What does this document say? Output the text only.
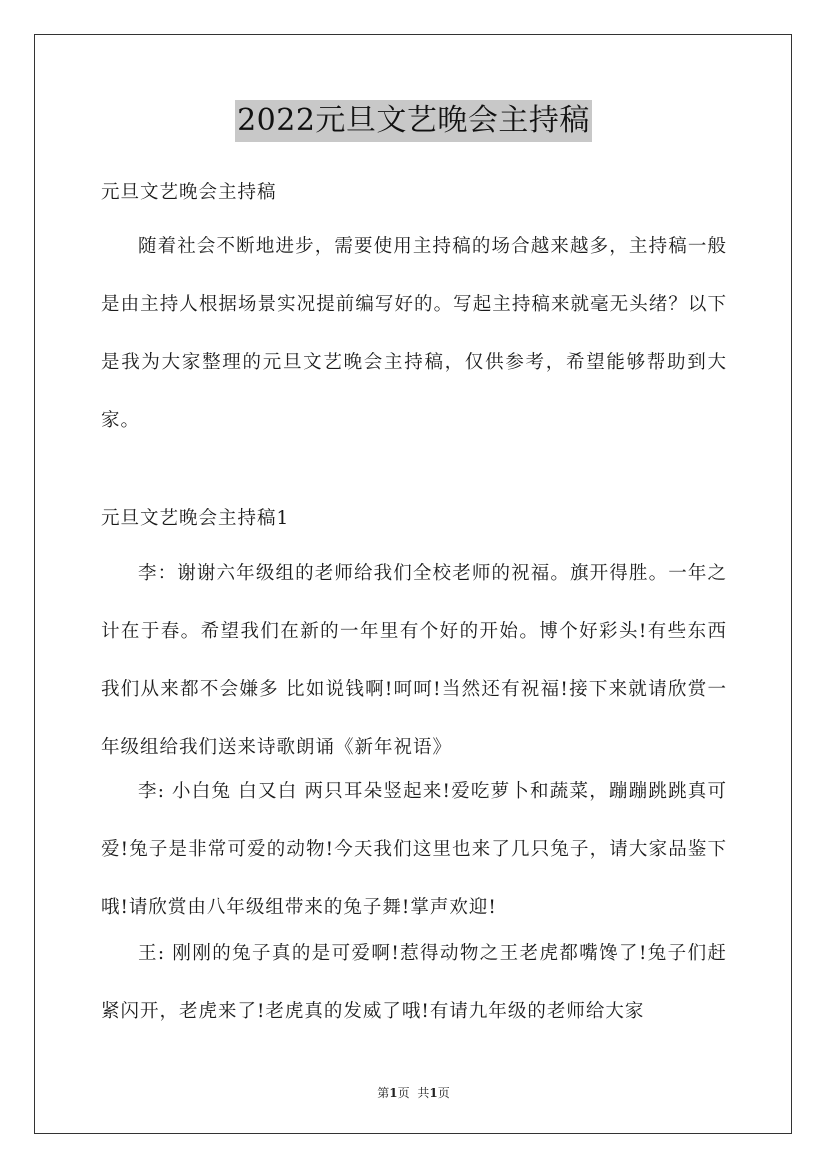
2022元旦文艺晚会主持稿
元旦文艺晚会主持稿
随着社会不断地进步，需要使用主持稿的场合越来越多，主持稿一般是由主持人根据场景实况提前编写好的。写起主持稿来就毫无头绪？以下是我为大家整理的元旦文艺晚会主持稿，仅供参考，希望能够帮助到大家。
元旦文艺晚会主持稿1
李：谢谢六年级组的老师给我们全校老师的祝福。旗开得胜。一年之计在于春。希望我们在新的一年里有个好的开始。博个好彩头!有些东西我们从来都不会嫌多 比如说钱啊!呵呵!当然还有祝福!接下来就请欣赏一年级组给我们送来诗歌朗诵《新年祝语》
李: 小白兔 白又白 两只耳朵竖起来!爱吃萝卜和蔬菜，蹦蹦跳跳真可爱!兔子是非常可爱的动物!今天我们这里也来了几只兔子，请大家品鉴下哦!请欣赏由八年级组带来的兔子舞!掌声欢迎!
王: 刚刚的兔子真的是可爱啊!惹得动物之王老虎都嘴馋了!兔子们赶紧闪开，老虎来了!老虎真的发威了哦!有请九年级的老师给大家
第1页 共1页
